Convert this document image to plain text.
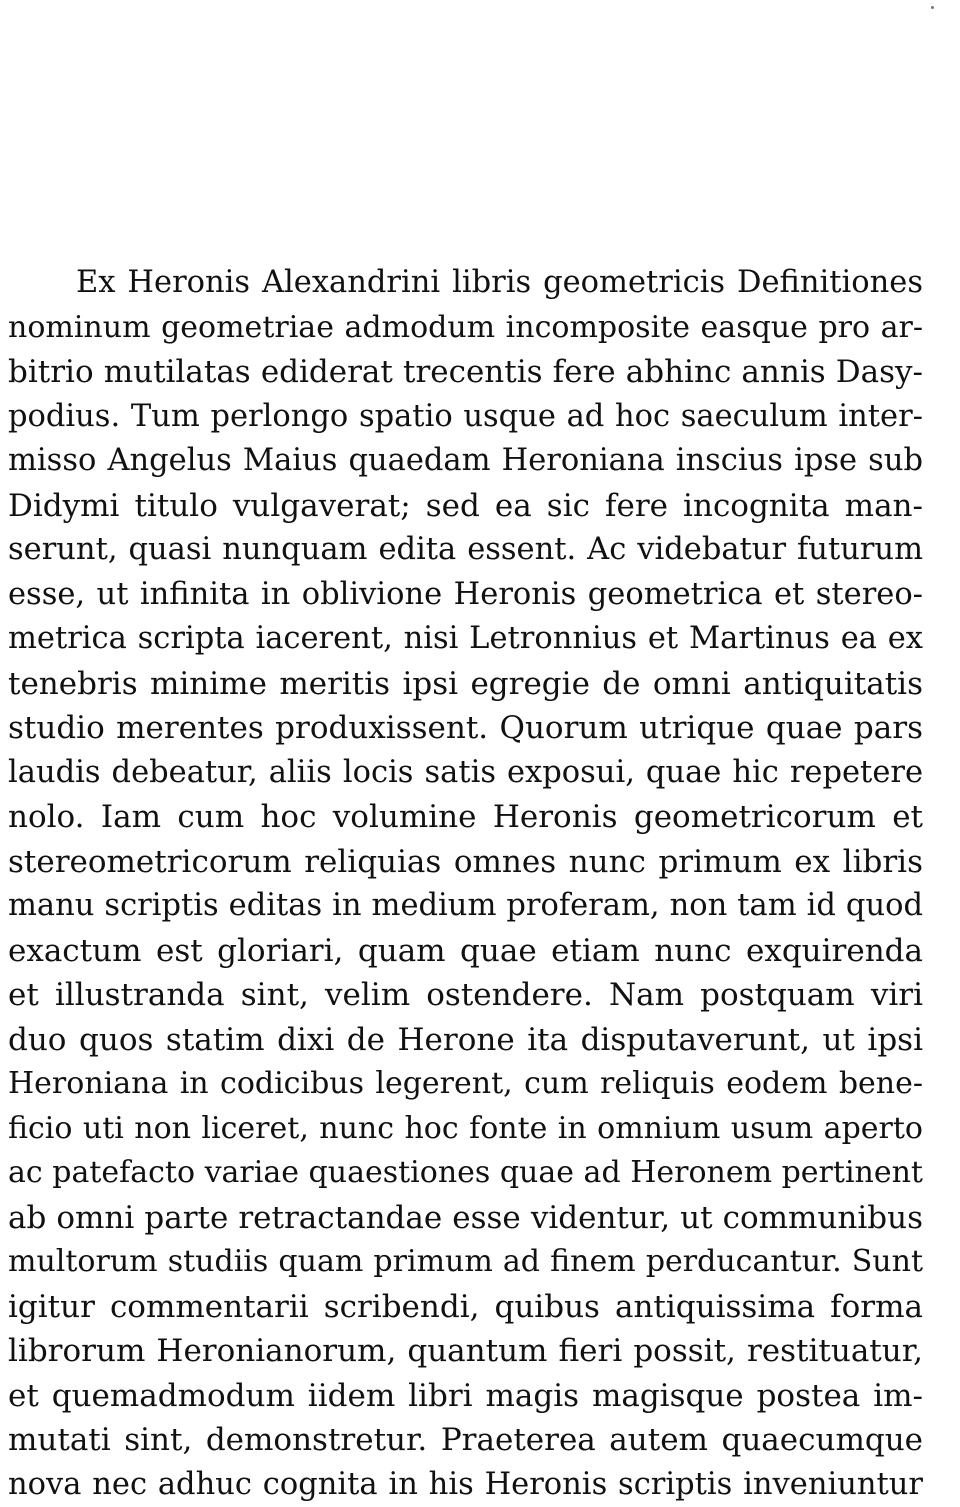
Ex Heronis Alexandrini libris geometricis Definitiones
nominum geometriae admodum incomposite easque pro ar-
bitrio mutilatas ediderat trecentis fere abhinc annis Dasy-
podius. Tum perlongo spatio usque ad hoc saeculum inter-
misso Angelus Maius quaedam Heroniana inscius ipse sub
Didymi titulo vulgaverat; sed ea sic fere incognita man-
serunt, quasi nunquam edita essent. Ac videbatur futurum
esse, ut infinita in oblivione Heronis geometrica et stereo-
metrica scripta iacerent, nisi Letronnius et Martinus ea ex
tenebris minime meritis ipsi egregie de omni antiquitatis
studio merentes produxissent. Quorum utrique quae pars
laudis debeatur, aliis locis satis exposui, quae hic repetere
nolo. Iam cum hoc volumine Heronis geometricorum et
stereometricorum reliquias omnes nunc primum ex libris
manu scriptis editas in medium proferam, non tam id quod
exactum est gloriari, quam quae etiam nunc exquirenda
et illustranda sint, velim ostendere. Nam postquam viri
duo quos statim dixi de Herone ita disputaverunt, ut ipsi
Heroniana in codicibus legerent, cum reliquis eodem bene-
ficio uti non liceret, nunc hoc fonte in omnium usum aperto
ac patefacto variae quaestiones quae ad Heronem pertinent
ab omni parte retractandae esse videntur, ut communibus
multorum studiis quam primum ad finem perducantur. Sunt
igitur commentarii scribendi, quibus antiquissima forma
librorum Heronianorum, quantum fieri possit, restituatur,
et quemadmodum iidem libri magis magisque postea im-
mutati sint, demonstretur. Praeterea autem quaecumque
nova nec adhuc cognita in his Heronis scriptis inveniuntur
